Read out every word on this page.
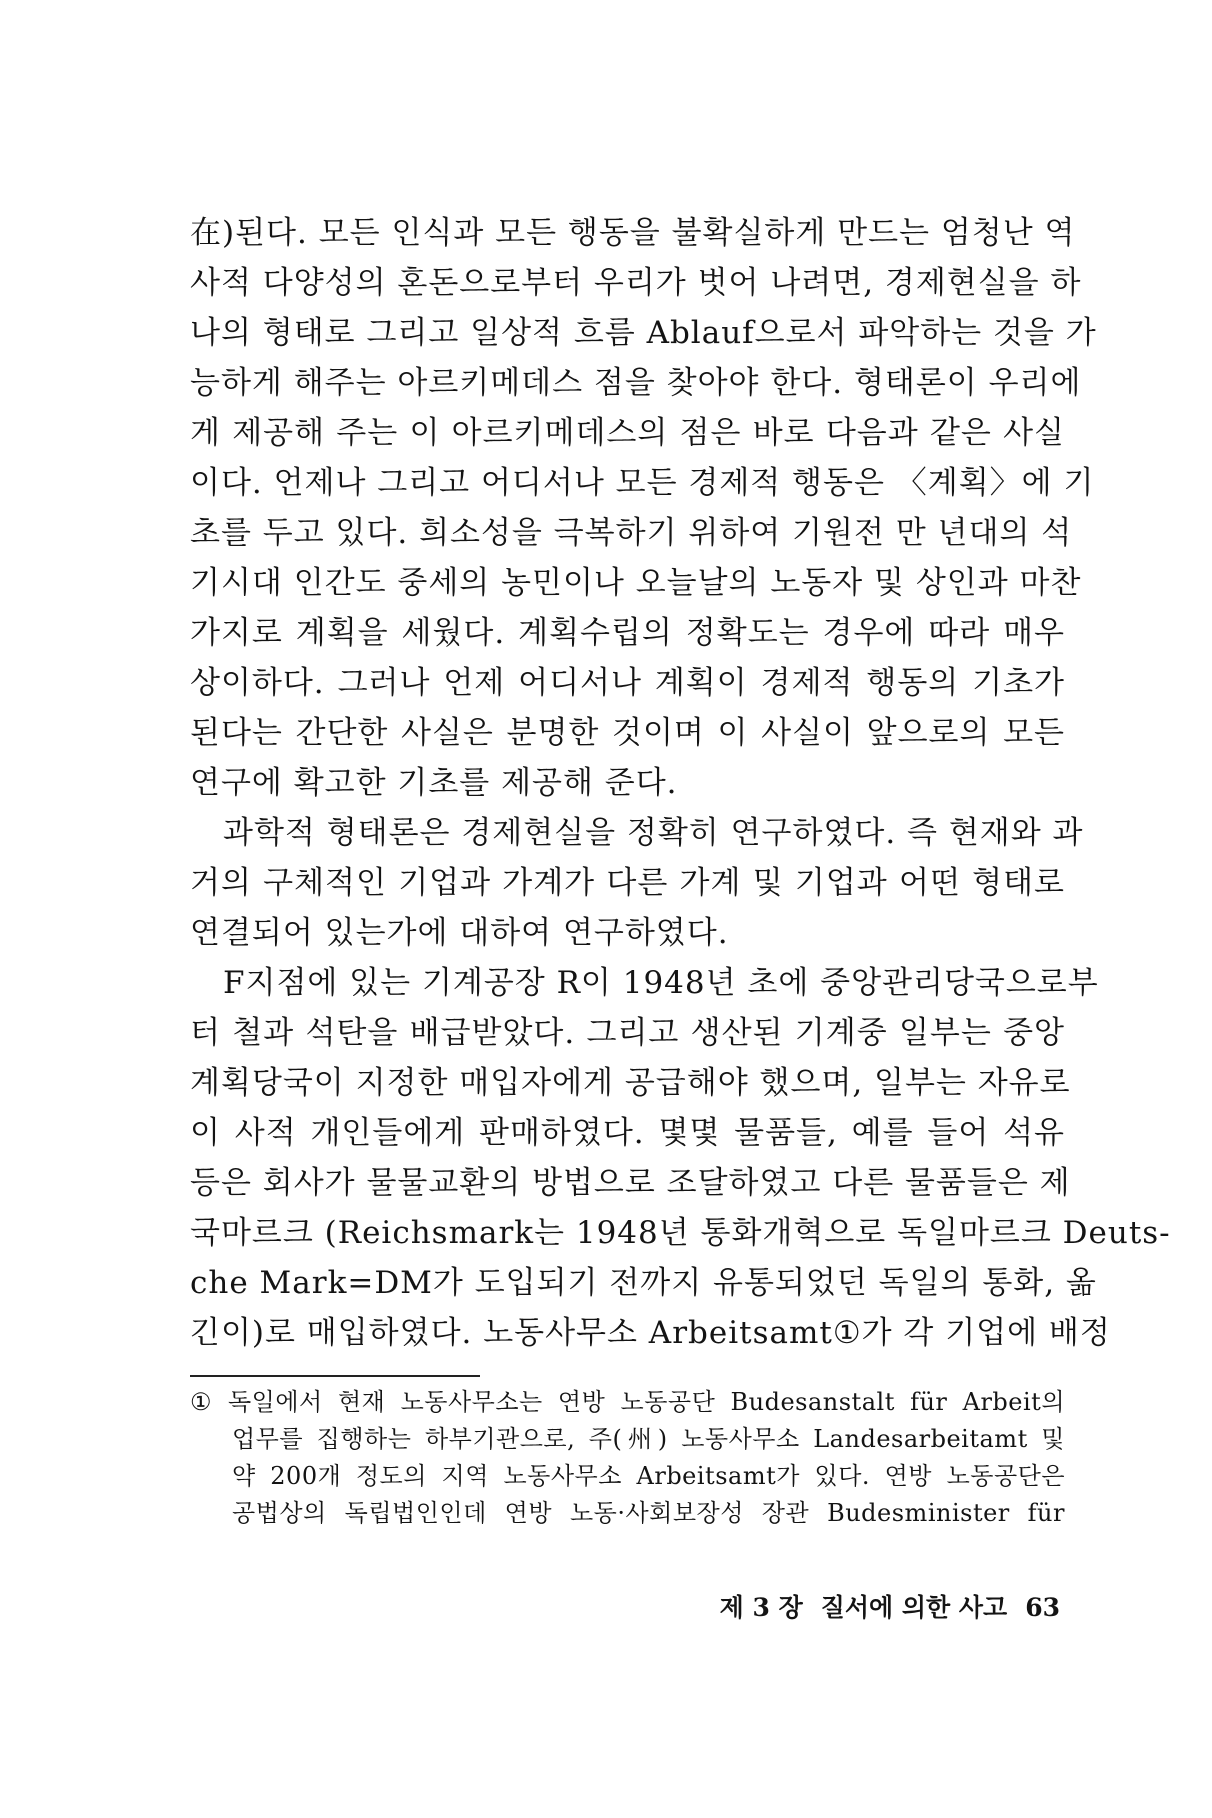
在)된다. 모든 인식과 모든 행동을 불확실하게 만드는 엄청난 역
사적 다양성의 혼돈으로부터 우리가 벗어 나려면, 경제현실을 하
나의 형태로 그리고 일상적 흐름 Ablauf으로서 파악하는 것을 가
능하게 해주는 아르키메데스 점을 찾아야 한다. 형태론이 우리에
게 제공해 주는 이 아르키메데스의 점은 바로 다음과 같은 사실
이다. 언제나 그리고 어디서나 모든 경제적 행동은 〈계획〉에 기
초를 두고 있다. 희소성을 극복하기 위하여 기원전 만 년대의 석
기시대 인간도 중세의 농민이나 오늘날의 노동자 및 상인과 마찬
가지로 계획을 세웠다. 계획수립의 정확도는 경우에 따라 매우
상이하다. 그러나 언제 어디서나 계획이 경제적 행동의 기초가
된다는 간단한 사실은 분명한 것이며 이 사실이 앞으로의 모든
연구에 확고한 기초를 제공해 준다.
과학적 형태론은 경제현실을 정확히 연구하였다. 즉 현재와 과
거의 구체적인 기업과 가계가 다른 가계 및 기업과 어떤 형태로
연결되어 있는가에 대하여 연구하였다.
F지점에 있는 기계공장 R이 1948년 초에 중앙관리당국으로부
터 철과 석탄을 배급받았다. 그리고 생산된 기계중 일부는 중앙
계획당국이 지정한 매입자에게 공급해야 했으며, 일부는 자유로
이 사적 개인들에게 판매하였다. 몇몇 물품들, 예를 들어 석유
등은 회사가 물물교환의 방법으로 조달하였고 다른 물품들은 제
국마르크 (Reichsmark는 1948년 통화개혁으로 독일마르크 Deuts-
che Mark=DM가 도입되기 전까지 유통되었던 독일의 통화, 옮
긴이)로 매입하였다. 노동사무소 Arbeitsamt①가 각 기업에 배정
① 독일에서 현재 노동사무소는 연방 노동공단 Budesanstalt für Arbeit의
업무를 집행하는 하부기관으로, 주(州) 노동사무소 Landesarbeitamt 및
약 200개 정도의 지역 노동사무소 Arbeitsamt가 있다. 연방 노동공단은
공법상의 독립법인인데 연방 노동·사회보장성 장관 Budesminister für
제 3 장 질서에 의한 사고 63
